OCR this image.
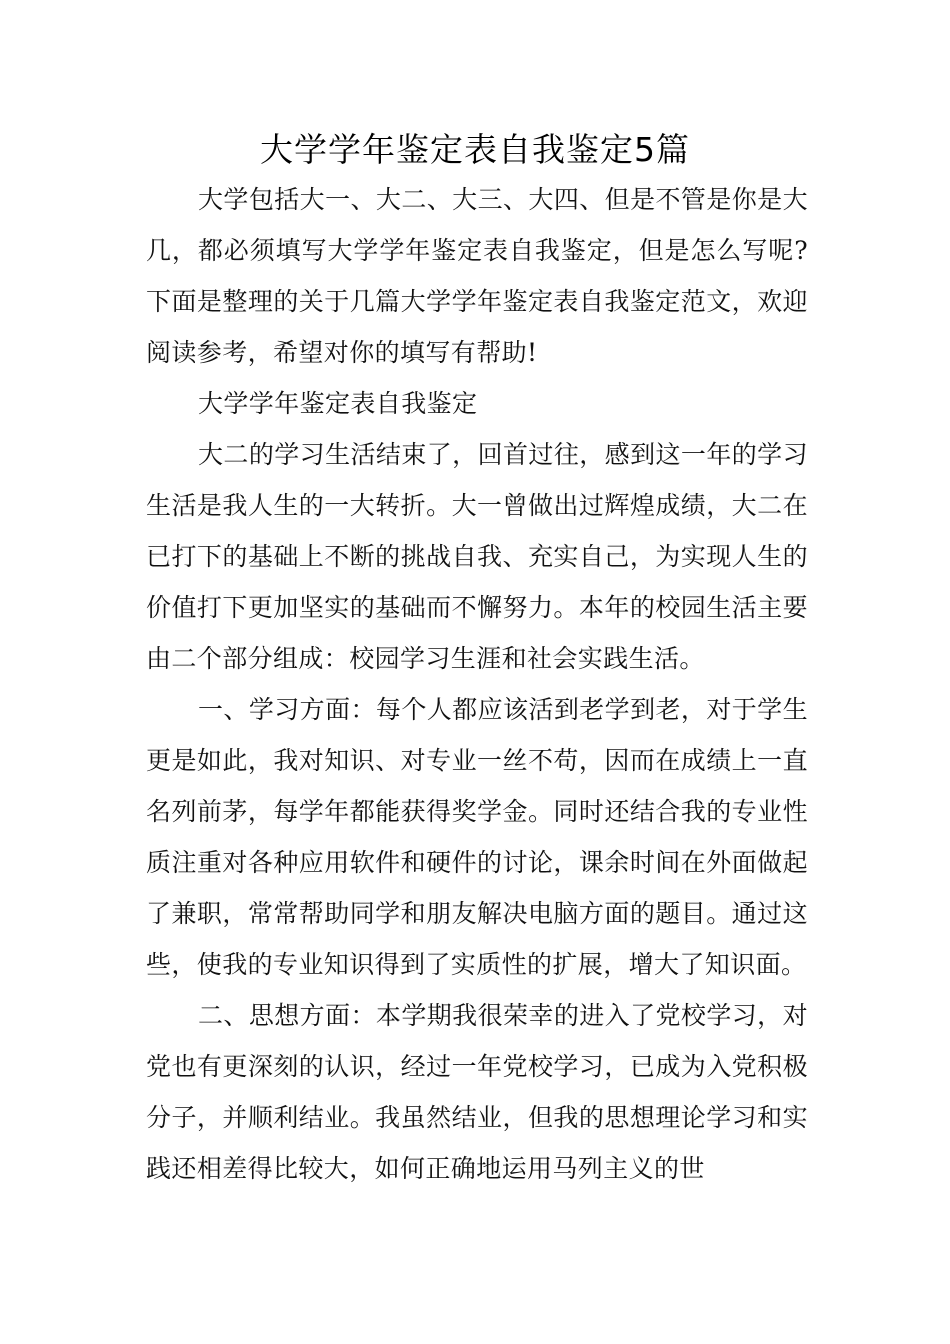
大学学年鉴定表自我鉴定5篇

大学包括大一、大二、大三、大四、但是不管是你是大几，都必须填写大学学年鉴定表自我鉴定，但是怎么写呢?下面是整理的关于几篇大学学年鉴定表自我鉴定范文，欢迎阅读参考，希望对你的填写有帮助!

大学学年鉴定表自我鉴定

大二的学习生活结束了，回首过往，感到这一年的学习生活是我人生的一大转折。大一曾做出过辉煌成绩，大二在已打下的基础上不断的挑战自我、充实自己，为实现人生的价值打下更加坚实的基础而不懈努力。本年的校园生活主要由二个部分组成：校园学习生涯和社会实践生活。

一、学习方面：每个人都应该活到老学到老，对于学生更是如此，我对知识、对专业一丝不苟，因而在成绩上一直名列前茅，每学年都能获得奖学金。同时还结合我的专业性质注重对各种应用软件和硬件的讨论，课余时间在外面做起了兼职，常常帮助同学和朋友解决电脑方面的题目。通过这些，使我的专业知识得到了实质性的扩展，增大了知识面。

二、思想方面：本学期我很荣幸的进入了党校学习，对党也有更深刻的认识，经过一年党校学习，已成为入党积极分子，并顺利结业。我虽然结业，但我的思想理论学习和实践还相差得比较大，如何正确地运用马列主义的世
